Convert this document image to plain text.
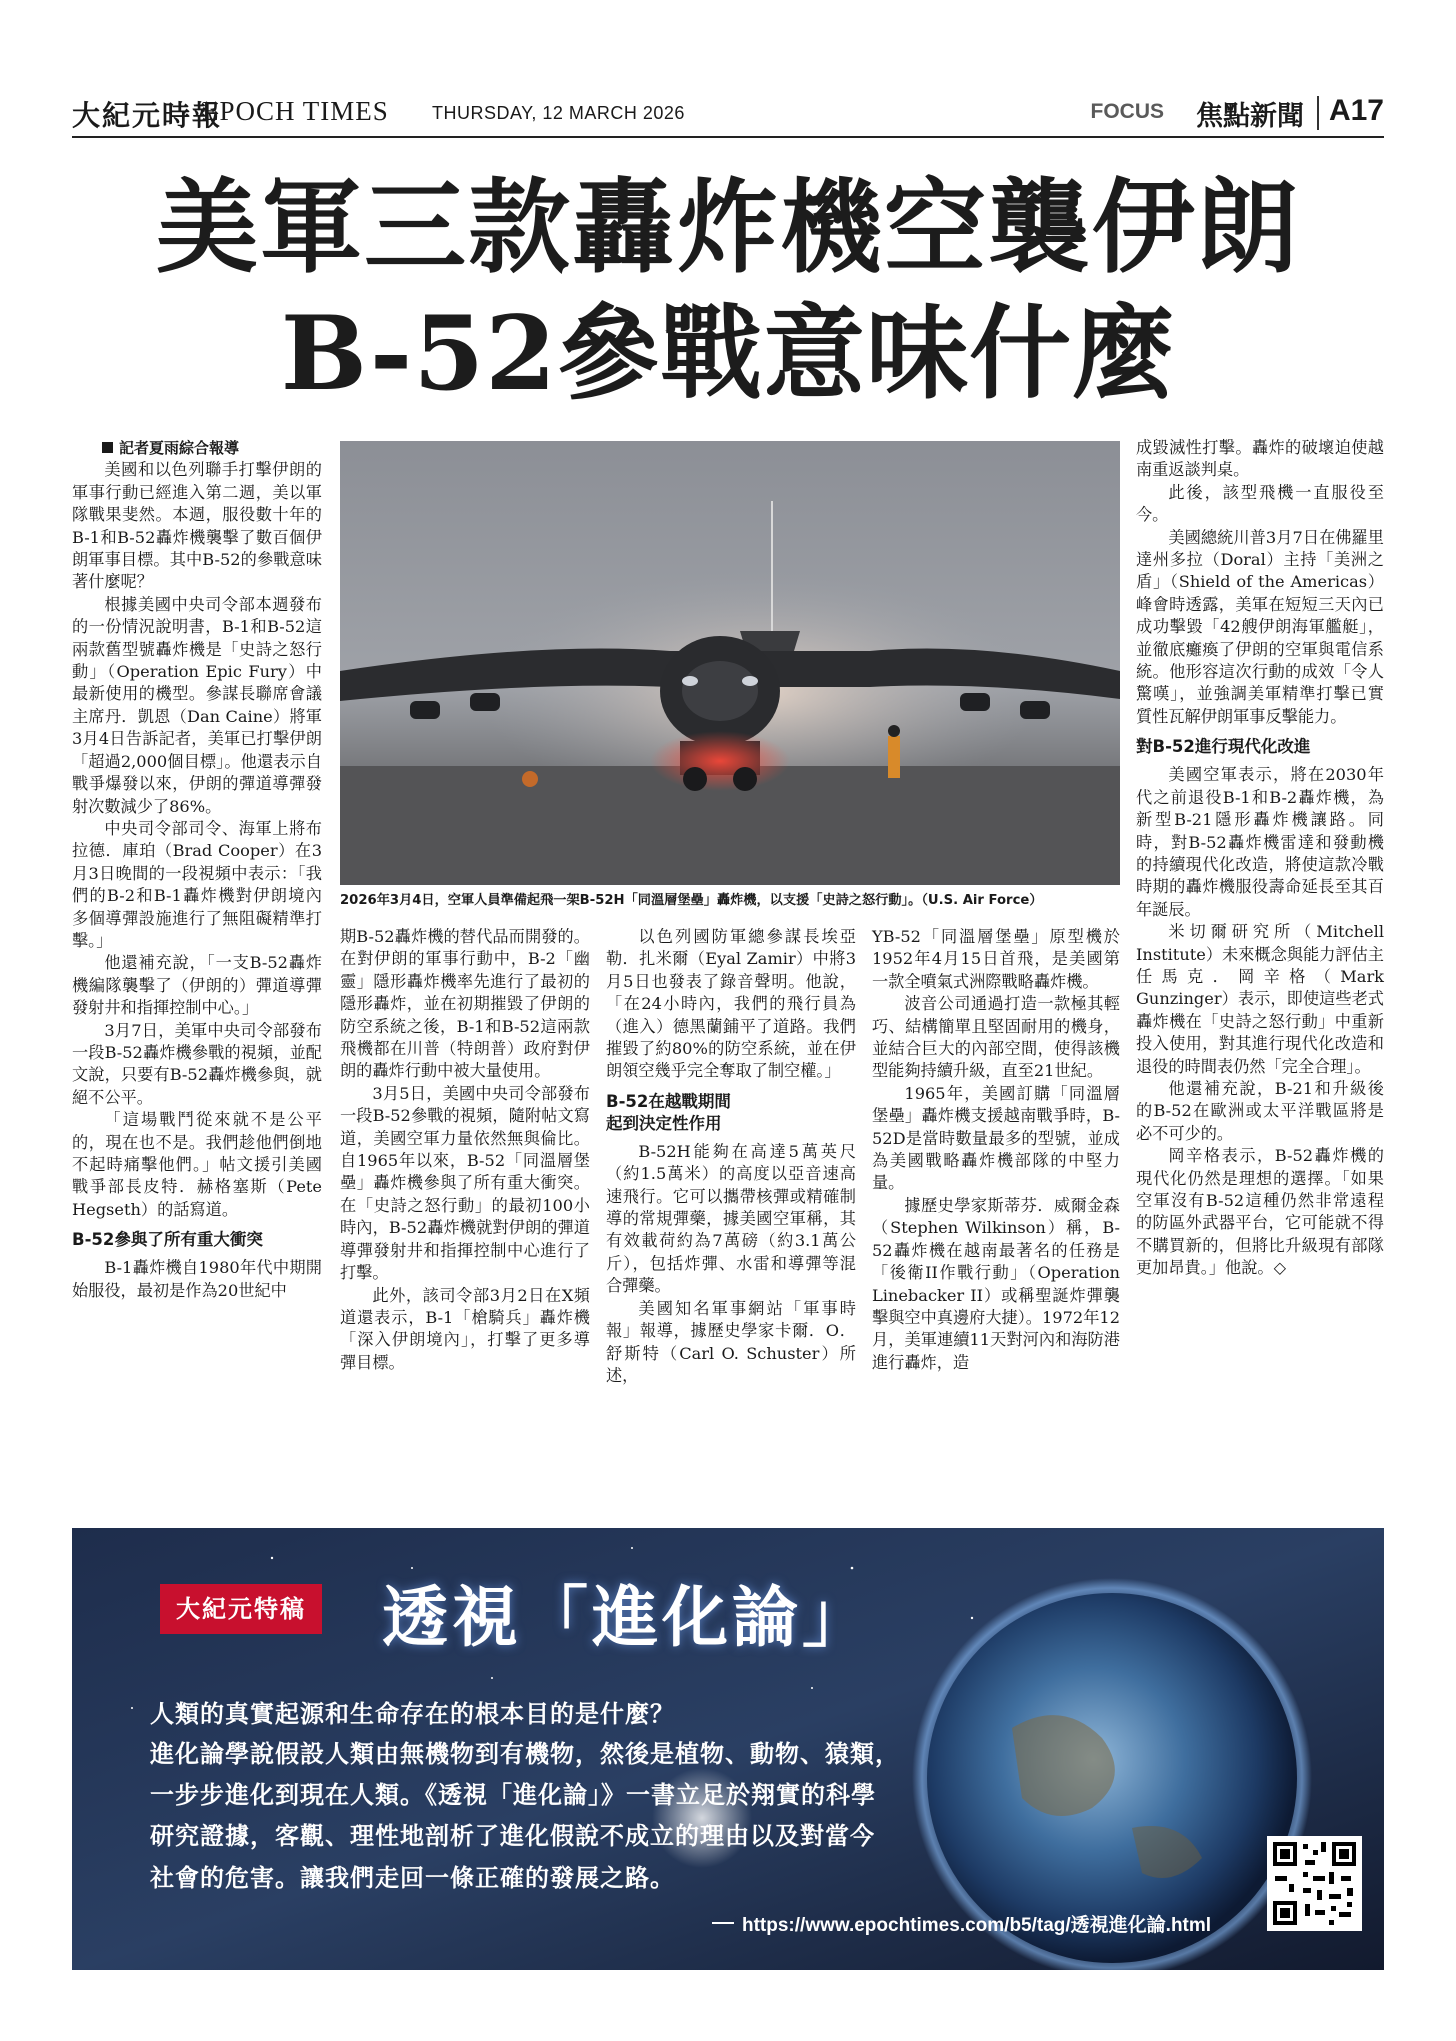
大紀元時報
EPOCH TIMES THURSDAY, 12 MARCH 2026	FOCUS 焦點新聞 A17
美軍三款轟炸機空襲伊朗
B-52參戰意味什麼

記者夏雨綜合報導

美國和以色列聯手打擊伊朗的軍事行動已經進入第二週，美以軍隊戰果斐然。本週，服役數十年的B-1和B-52轟炸機襲擊了數百個伊朗軍事目標。其中B-52的參戰意味著什麼呢？

根據美國中央司令部本週發布的一份情況說明書，B-1和B-52這兩款舊型號轟炸機是「史詩之怒行動」（Operation Epic Fury）中最新使用的機型。參謀長聯席會議主席丹．凱恩（Dan Caine）將軍3月4日告訴記者，美軍已打擊伊朗「超過2,000個目標」。他還表示自戰爭爆發以來，伊朗的彈道導彈發射次數減少了86%。

中央司令部司令、海軍上將布拉德．庫珀（Brad Cooper）在3月3日晚間的一段視頻中表示：「我們的B-2和B-1轟炸機對伊朗境內多個導彈設施進行了無阻礙精準打擊。」

他還補充說，「一支B-52轟炸機編隊襲擊了（伊朗的）彈道導彈發射井和指揮控制中心。」

3月7日，美軍中央司令部發布一段B-52轟炸機參戰的視頻，並配文說，只要有B-52轟炸機參與，就絕不公平。

「這場戰鬥從來就不是公平的，現在也不是。我們趁他們倒地不起時痛擊他們。」帖文援引美國戰爭部長皮特．赫格塞斯（Pete Hegseth）的話寫道。

B-52參與了所有重大衝突

B-1轟炸機自1980年代中期開始服役，最初是作為20世紀中

2026年3月4日，空軍人員準備起飛一架B-52H「同溫層堡壘」轟炸機，以支援「史詩之怒行動」。（U.S. Air Force）

期B-52轟炸機的替代品而開發的。在對伊朗的軍事行動中，B-2「幽靈」隱形轟炸機率先進行了最初的隱形轟炸，並在初期摧毀了伊朗的防空系統之後，B-1和B-52這兩款飛機都在川普（特朗普）政府對伊朗的轟炸行動中被大量使用。

3月5日，美國中央司令部發布一段B-52參戰的視頻，隨附帖文寫道，美國空軍力量依然無與倫比。自1965年以來，B-52「同溫層堡壘」轟炸機參與了所有重大衝突。在「史詩之怒行動」的最初100小時內，B-52轟炸機就對伊朗的彈道導彈發射井和指揮控制中心進行了打擊。

此外，該司令部3月2日在X頻道還表示，B-1「槍騎兵」轟炸機「深入伊朗境內」，打擊了更多導彈目標。

以色列國防軍總參謀長埃亞勒．扎米爾（Eyal Zamir）中將3月5日也發表了錄音聲明。他說，「在24小時內，我們的飛行員為（進入）德黑蘭鋪平了道路。我們摧毀了約80%的防空系統，並在伊朗領空幾乎完全奪取了制空權。」

B-52在越戰期間
起到決定性作用

B-52H能夠在高達5萬英尺（約1.5萬米）的高度以亞音速高速飛行。它可以攜帶核彈或精確制導的常規彈藥，據美國空軍稱，其有效載荷約為7萬磅（約3.1萬公斤），包括炸彈、水雷和導彈等混合彈藥。

美國知名軍事網站「軍事時報」報導，據歷史學家卡爾．O．舒斯特（Carl O. Schuster）所述，

YB-52「同溫層堡壘」原型機於1952年4月15日首飛，是美國第一款全噴氣式洲際戰略轟炸機。

波音公司通過打造一款極其輕巧、結構簡單且堅固耐用的機身，並結合巨大的內部空間，使得該機型能夠持續升級，直至21世紀。

1965年，美國訂購「同溫層堡壘」轟炸機支援越南戰爭時，B-52D是當時數量最多的型號，並成為美國戰略轟炸機部隊的中堅力量。

據歷史學家斯蒂芬．威爾金森（Stephen Wilkinson）稱，B-52轟炸機在越南最著名的任務是「後衛II作戰行動」（Operation Linebacker II）或稱聖誕炸彈襲擊與空中真邊府大捷）。1972年12月，美軍連續11天對河內和海防港進行轟炸，造

成毀滅性打擊。轟炸的破壞迫使越南重返談判桌。

此後，該型飛機一直服役至今。

美國總統川普3月7日在佛羅里達州多拉（Doral）主持「美洲之盾」（Shield of the Americas）峰會時透露，美軍在短短三天內已成功擊毀「42艘伊朗海軍艦艇」，並徹底癱瘓了伊朗的空軍與電信系統。他形容這次行動的成效「令人驚嘆」，並強調美軍精準打擊已實質性瓦解伊朗軍事反擊能力。

對B-52進行現代化改進

美國空軍表示，將在2030年代之前退役B-1和B-2轟炸機，為新型B-21隱形轟炸機讓路。同時，對B-52轟炸機雷達和發動機的持續現代化改造，將使這款冷戰時期的轟炸機服役壽命延長至其百年誕辰。

米切爾研究所（Mitchell Institute）未來概念與能力評估主任馬克．岡辛格（Mark Gunzinger）表示，即使這些老式轟炸機在「史詩之怒行動」中重新投入使用，對其進行現代化改造和退役的時間表仍然「完全合理」。

他還補充說，B-21和升級後的B-52在歐洲或太平洋戰區將是必不可少的。

岡辛格表示，B-52轟炸機的現代化仍然是理想的選擇。「如果空軍沒有B-52這種仍然非常遠程的防區外武器平台，它可能就不得不購買新的，但將比升級現有部隊更加昂貴。」他說。◇

大紀元特稿 透視「進化論」
人類的真實起源和生命存在的根本目的是什麼？
進化論學說假設人類由無機物到有機物，然後是植物、動物、猿類，
一步步進化到現在人類。《透視「進化論」》一書立足於翔實的科學
研究證據，客觀、理性地剖析了進化假說不成立的理由以及對當今
社會的危害。讓我們走回一條正確的發展之路。
https://www.epochtimes.com/b5/tag/透視進化論.html
